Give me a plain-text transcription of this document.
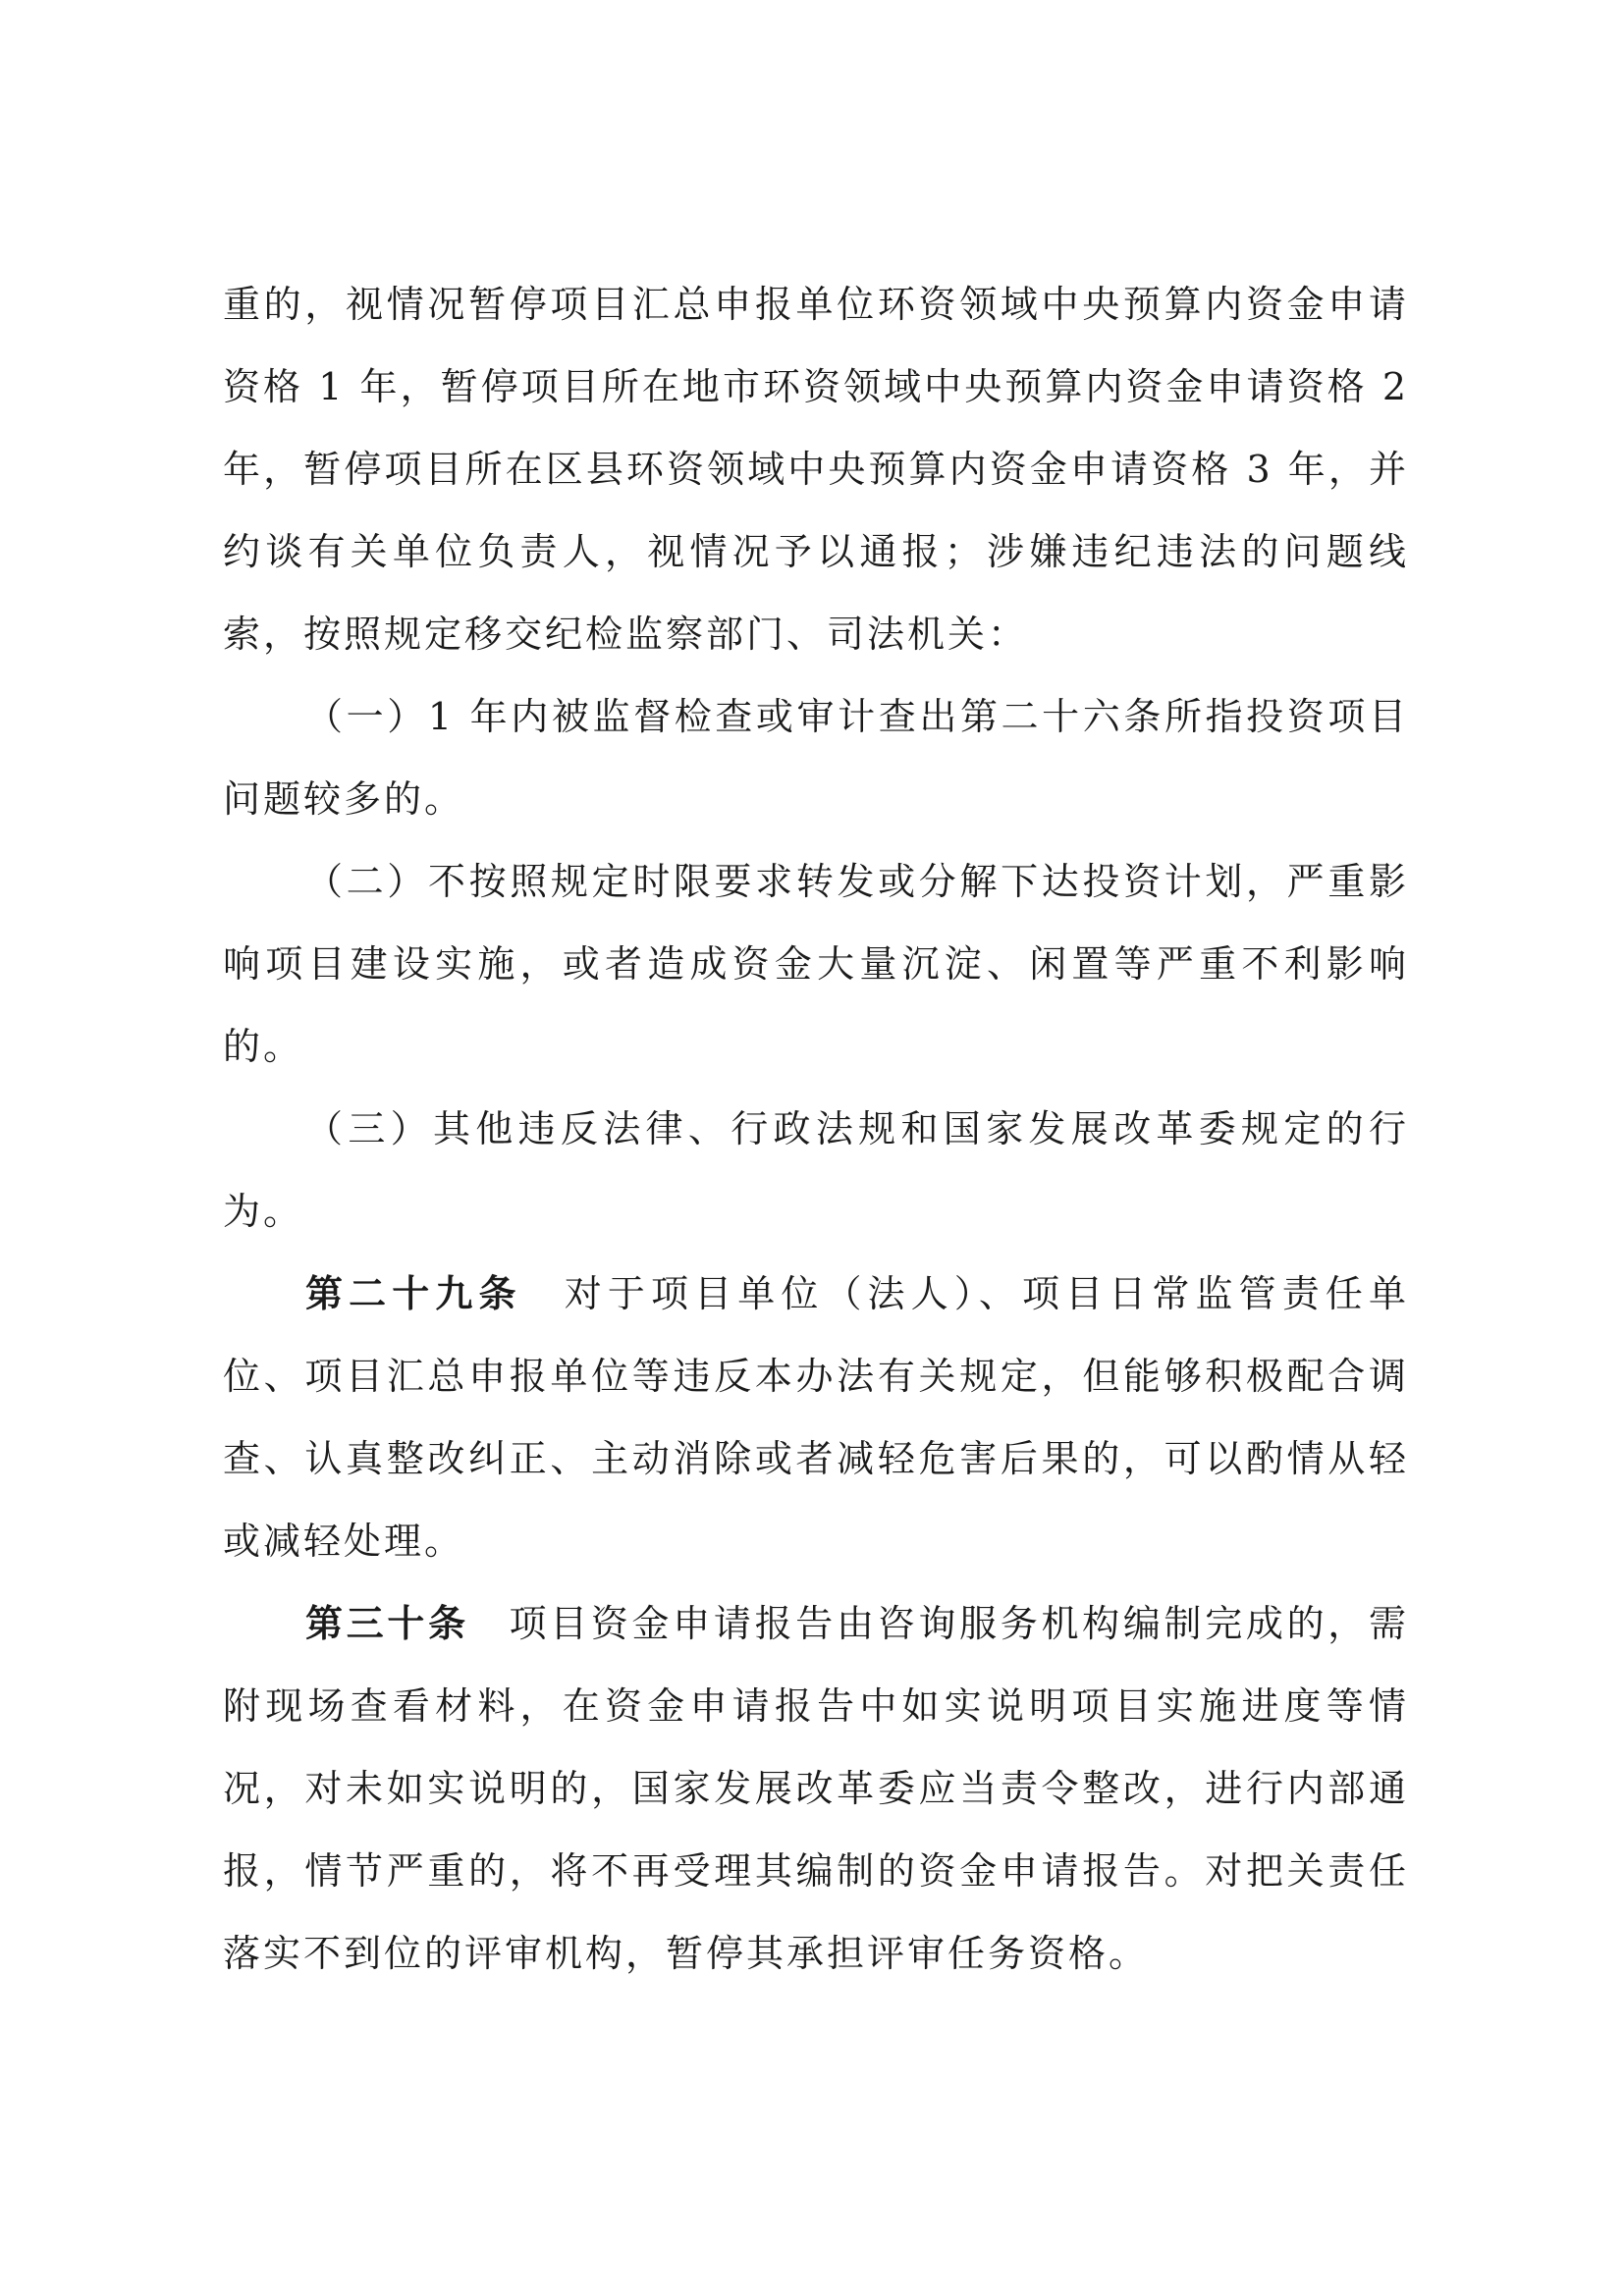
重的，视情况暂停项目汇总申报单位环资领域中央预算内资金申请资格 1 年，暂停项目所在地市环资领域中央预算内资金申请资格 2 年，暂停项目所在区县环资领域中央预算内资金申请资格 3 年，并约谈有关单位负责人，视情况予以通报；涉嫌违纪违法的问题线索，按照规定移交纪检监察部门、司法机关：

（一）1 年内被监督检查或审计查出第二十六条所指投资项目问题较多的。

（二）不按照规定时限要求转发或分解下达投资计划，严重影响项目建设实施，或者造成资金大量沉淀、闲置等严重不利影响的。

（三）其他违反法律、行政法规和国家发展改革委规定的行为。

第二十九条 对于项目单位（法人）、项目日常监管责任单位、项目汇总申报单位等违反本办法有关规定，但能够积极配合调查、认真整改纠正、主动消除或者减轻危害后果的，可以酌情从轻或减轻处理。

第三十条 项目资金申请报告由咨询服务机构编制完成的，需附现场查看材料，在资金申请报告中如实说明项目实施进度等情况，对未如实说明的，国家发展改革委应当责令整改，进行内部通报，情节严重的，将不再受理其编制的资金申请报告。对把关责任落实不到位的评审机构，暂停其承担评审任务资格。
